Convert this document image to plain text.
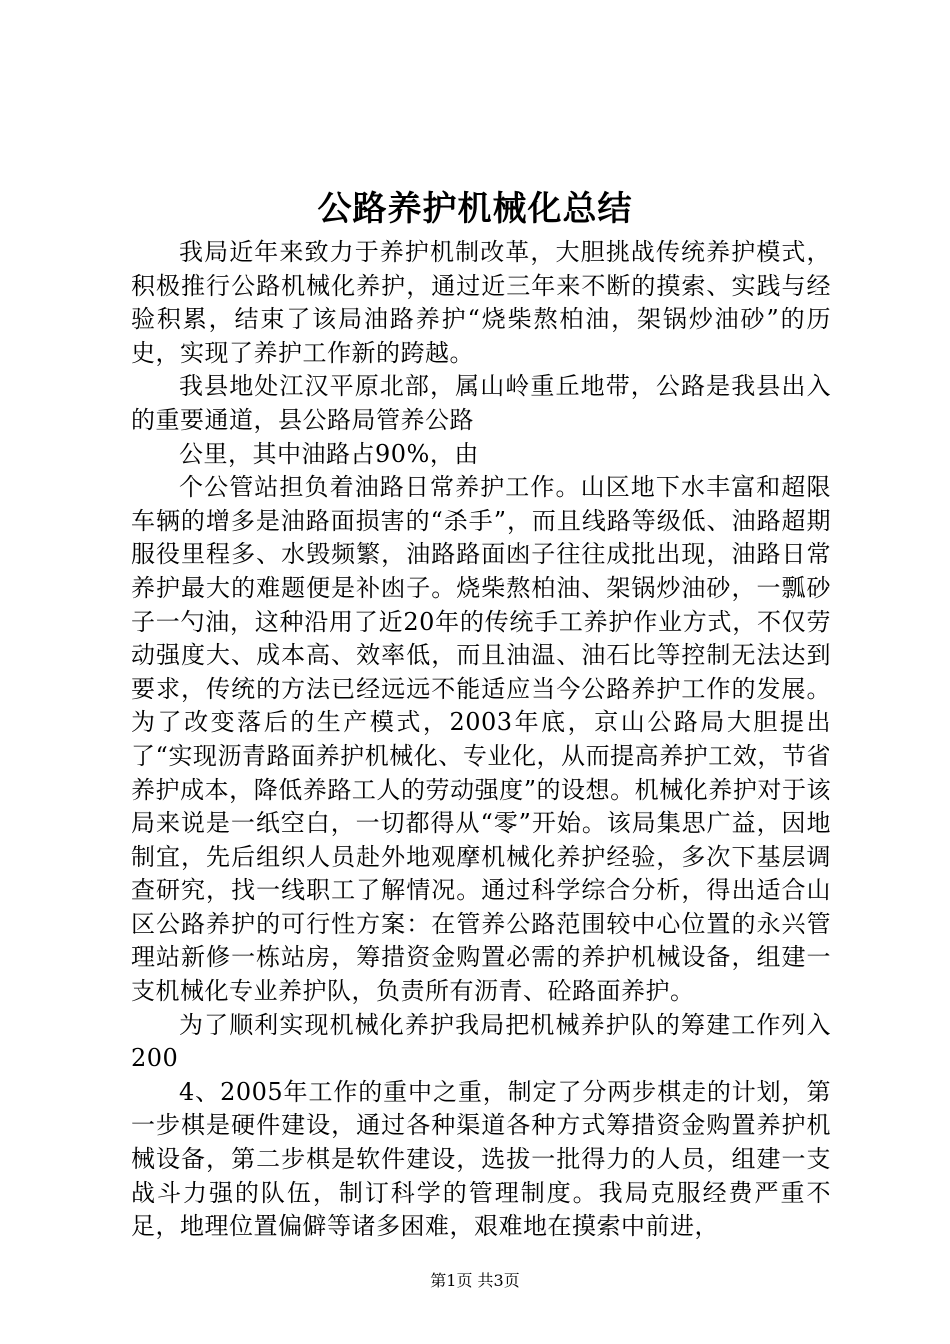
公路养护机械化总结

我局近年来致力于养护机制改革，大胆挑战传统养护模式，积极推行公路机械化养护，通过近三年来不断的摸索、实践与经验积累，结束了该局油路养护“烧柴熬柏油，架锅炒油砂”的历史，实现了养护工作新的跨越。

我县地处江汉平原北部，属山岭重丘地带，公路是我县出入的重要通道，县公路局管养公路

公里，其中油路占90%，由

个公管站担负着油路日常养护工作。山区地下水丰富和超限车辆的增多是油路面损害的“杀手”，而且线路等级低、油路超期服役里程多、水毁频繁，油路路面凼子往往成批出现，油路日常养护最大的难题便是补凼子。烧柴熬柏油、架锅炒油砂，一瓢砂子一勺油，这种沿用了近20年的传统手工养护作业方式，不仅劳动强度大、成本高、效率低，而且油温、油石比等控制无法达到要求，传统的方法已经远远不能适应当今公路养护工作的发展。为了改变落后的生产模式，2003年底，京山公路局大胆提出了“实现沥青路面养护机械化、专业化，从而提高养护工效，节省养护成本，降低养路工人的劳动强度”的设想。机械化养护对于该局来说是一纸空白，一切都得从“零”开始。该局集思广益，因地制宜，先后组织人员赴外地观摩机械化养护经验，多次下基层调查研究，找一线职工了解情况。通过科学综合分析，得出适合山区公路养护的可行性方案：在管养公路范围较中心位置的永兴管理站新修一栋站房，筹措资金购置必需的养护机械设备，组建一支机械化专业养护队，负责所有沥青、砼路面养护。

为了顺利实现机械化养护我局把机械养护队的筹建工作列入200

4、2005年工作的重中之重，制定了分两步棋走的计划，第一步棋是硬件建设，通过各种渠道各种方式筹措资金购置养护机械设备，第二步棋是软件建设，选拔一批得力的人员，组建一支战斗力强的队伍，制订科学的管理制度。我局克服经费严重不足，地理位置偏僻等诸多困难，艰难地在摸索中前进，

第1页 共3页
